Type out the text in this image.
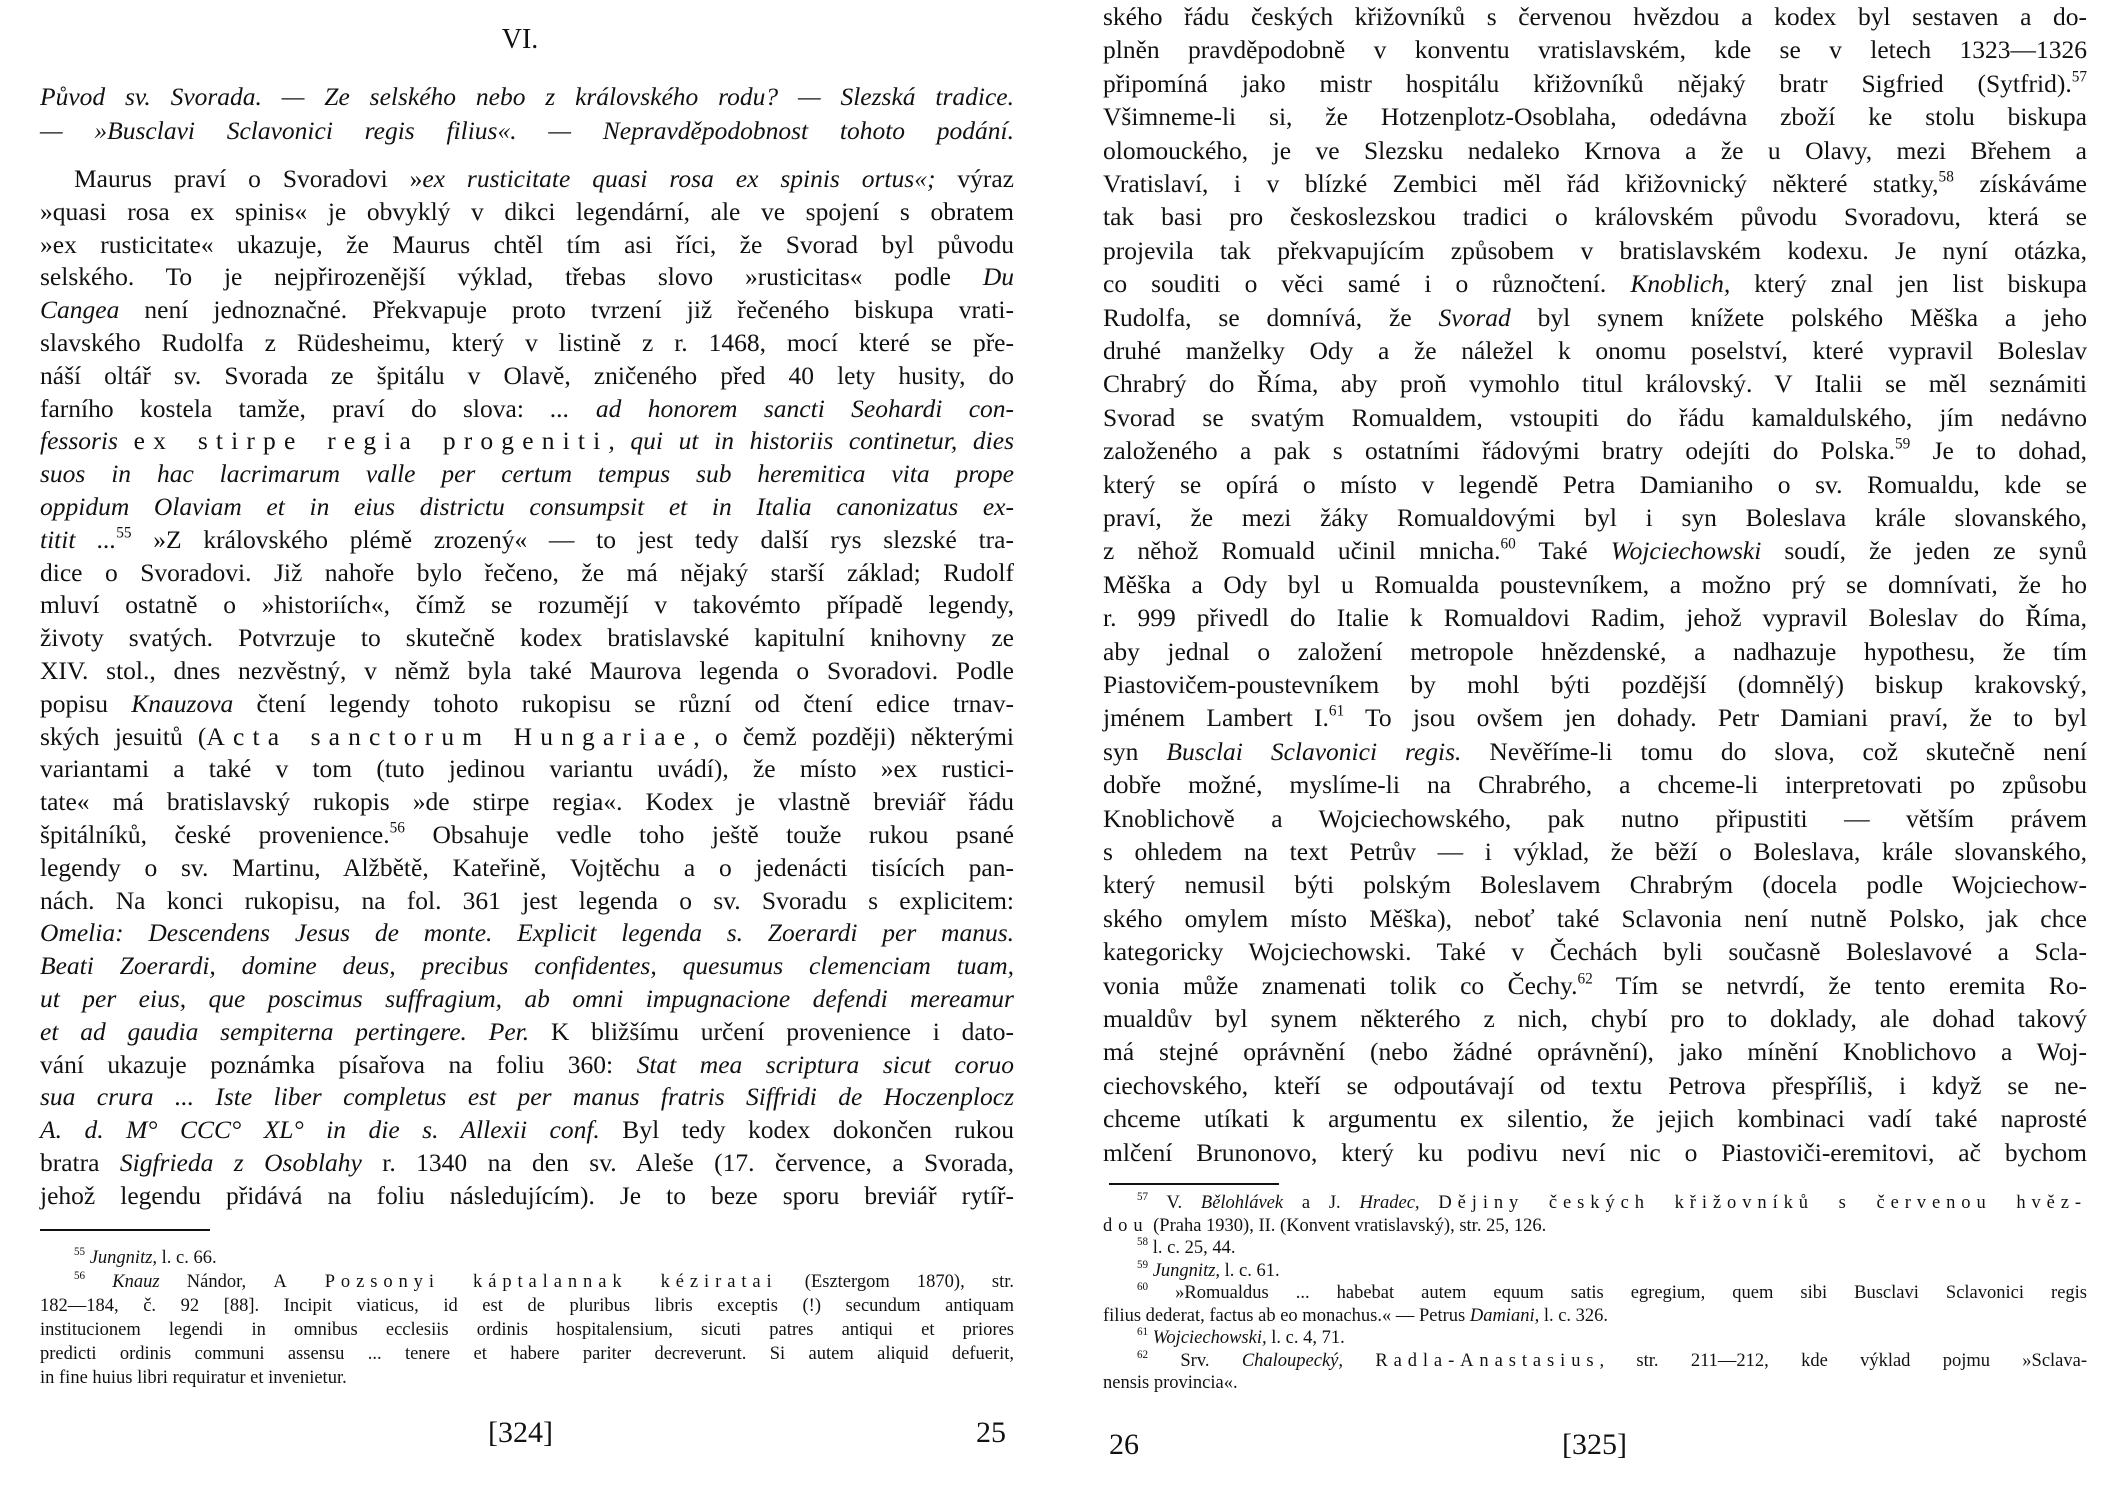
VI.
Původ sv. Svorada. — Ze selského nebo z královského rodu? — Slezská tradice.
— »Busclavi Sclavonici regis filius«. — Nepravděpodobnost tohoto podání.
Maurus praví o Svoradovi »ex rusticitate quasi rosa ex spinis ortus«; výraz
»quasi rosa ex spinis« je obvyklý v dikci legendární, ale ve spojení s obratem
»ex rusticitate« ukazuje, že Maurus chtěl tím asi říci, že Svorad byl původu
selského. To je nejpřirozenější výklad, třebas slovo »rusticitas« podle Du
Cangea není jednoznačné. Překvapuje proto tvrzení již řečeného biskupa vrati-
slavského Rudolfa z Rüdesheimu, který v listině z r. 1468, mocí které se pře-
náší oltář sv. Svorada ze špitálu v Olavě, zničeného před 40 lety husity, do
farního kostela tamže, praví do slova: ... ad honorem sancti Seohardi con-
fessoris ex stirpe regia progeniti, qui ut in historiis continetur, dies
suos in hac lacrimarum valle per certum tempus sub heremitica vita prope
oppidum Olaviam et in eius districtu consumpsit et in Italia canonizatus ex-
titit ...$^{55}$ »Z královského plémě zrozený« — to jest tedy další rys slezské tra-
dice o Svoradovi. Již nahoře bylo řečeno, že má nějaký starší základ; Rudolf
mluví ostatně o »historiích«, čímž se rozumějí v takovémto případě legendy,
životy svatých. Potvrzuje to skutečně kodex bratislavské kapitulní knihovny ze
XIV. stol., dnes nezvěstný, v němž byla také Maurova legenda o Svoradovi. Podle
popisu Knauzova čtení legendy tohoto rukopisu se různí od čtení edice trnav-
ských jesuitů (Acta sanctorum Hungariae, o čemž později) některými
variantami a také v tom (tuto jedinou variantu uvádí), že místo »ex rustici-
tate« má bratislavský rukopis »de stirpe regia«. Kodex je vlastně breviář řádu
špitálníků, české provenience.$^{56}$ Obsahuje vedle toho ještě touže rukou psané
legendy o sv. Martinu, Alžbětě, Kateřině, Vojtěchu a o jedenácti tisících pan-
nách. Na konci rukopisu, na fol. 361 jest legenda o sv. Svoradu s explicitem:
Omelia: Descendens Jesus de monte. Explicit legenda s. Zoerardi per manus.
Beati Zoerardi, domine deus, precibus confidentes, quesumus clemenciam tuam,
ut per eius, que poscimus suffragium, ab omni impugnacione defendi mereamur
et ad gaudia sempiterna pertingere. Per. K bližšímu určení provenience i dato-
vání ukazuje poznámka písařova na foliu 360: Stat mea scriptura sicut coruo
sua crura ... Iste liber completus est per manus fratris Siffridi de Hoczenplocz
A. d. M° CCC° XL° in die s. Allexii conf. Byl tedy kodex dokončen rukou
bratra Sigfrieda z Osoblahy r. 1340 na den sv. Aleše (17. července, a Svorada,
jehož legendu přidává na foliu následujícím). Je to beze sporu breviář rytíř-
$^{55}$ Jungnitz, l. c. 66.
$^{56}$ Knauz Nándor, A Pozsonyi káptalannak kéziratai (Esztergom 1870), str.
182—184, č. 92 [88]. Incipit viaticus, id est de pluribus libris exceptis (!) secundum antiquam
institucionem legendi in omnibus ecclesiis ordinis hospitalensium, sicuti patres antiqui et priores
predicti ordinis communi assensu ... tenere et habere pariter decreverunt. Si autem aliquid defuerit,
in fine huius libri requiratur et invenietur.
[324]	25
ského řádu českých křižovníků s červenou hvězdou a kodex byl sestaven a do-
plněn pravděpodobně v konventu vratislavském, kde se v letech 1323—1326
připomíná jako mistr hospitálu křižovníků nějaký bratr Sigfried (Sytfrid).$^{57}$
Všimneme-li si, že Hotzenplotz-Osoblaha, odedávna zboží ke stolu biskupa
olomouckého, je ve Slezsku nedaleko Krnova a že u Olavy, mezi Břehem a
Vratislaví, i v blízké Zembici měl řád křižovnický některé statky,$^{58}$ získáváme
tak basi pro českoslezskou tradici o královském původu Svoradovu, která se
projevila tak překvapujícím způsobem v bratislavském kodexu. Je nyní otázka,
co souditi o věci samé i o různočtení. Knoblich, který znal jen list biskupa
Rudolfa, se domnívá, že Svorad byl synem knížete polského Měška a jeho
druhé manželky Ody a že náležel k onomu poselství, které vypravil Boleslav
Chrabrý do Říma, aby proň vymohlo titul královský. V Italii se měl seznámiti
Svorad se svatým Romualdem, vstoupiti do řádu kamaldulského, jím nedávno
založeného a pak s ostatními řádovými bratry odejíti do Polska.$^{59}$ Je to dohad,
který se opírá o místo v legendě Petra Damianiho o sv. Romualdu, kde se
praví, že mezi žáky Romualdovými byl i syn Boleslava krále slovanského,
z něhož Romuald učinil mnicha.$^{60}$ Také Wojciechowski soudí, že jeden ze synů
Měška a Ody byl u Romualda poustevníkem, a možno prý se domnívati, že ho
r. 999 přivedl do Italie k Romualdovi Radim, jehož vypravil Boleslav do Říma,
aby jednal o založení metropole hnězdenské, a nadhazuje hypothesu, že tím
Piastovičem-poustevníkem by mohl býti pozdější (domnělý) biskup krakovský,
jménem Lambert I.$^{61}$ To jsou ovšem jen dohady. Petr Damiani praví, že to byl
syn Busclai Sclavonici regis. Nevěříme-li tomu do slova, což skutečně není
dobře možné, myslíme-li na Chrabrého, a chceme-li interpretovati po způsobu
Knoblichově a Wojciechowského, pak nutno připustiti — větším právem
s ohledem na text Petrův — i výklad, že běží o Boleslava, krále slovanského,
který nemusil býti polským Boleslavem Chrabrým (docela podle Wojciechow-
ského omylem místo Měška), neboť také Sclavonia není nutně Polsko, jak chce
kategoricky Wojciechowski. Také v Čechách byli současně Boleslavové a Scla-
vonia může znamenati tolik co Čechy.$^{62}$ Tím se netvrdí, že tento eremita Ro-
mualdův byl synem některého z nich, chybí pro to doklady, ale dohad takový
má stejné oprávnění (nebo žádné oprávnění), jako mínění Knoblichovo a Woj-
ciechovského, kteří se odpoutávají od textu Petrova přespříliš, i když se ne-
chceme utíkati k argumentu ex silentio, že jejich kombinaci vadí také naprosté
mlčení Brunonovo, který ku podivu neví nic o Piastoviči-eremitovi, ač bychom
$^{57}$ V. Bělohlávek a J. Hradec, Dějiny českých křižovníků s červenou hvěz-
dou (Praha 1930), II. (Konvent vratislavský), str. 25, 126.
$^{58}$ l. c. 25, 44.
$^{59}$ Jungnitz, l. c. 61.
$^{60}$ »Romualdus ... habebat autem equum satis egregium, quem sibi Busclavi Sclavonici regis
filius dederat, factus ab eo monachus.« — Petrus Damiani, l. c. 326.
$^{61}$ Wojciechowski, l. c. 4, 71.
$^{62}$ Srv. Chaloupecký, Radla-Anastasius, str. 211—212, kde výklad pojmu »Sclava-
nensis provincia«.
26	[325]
